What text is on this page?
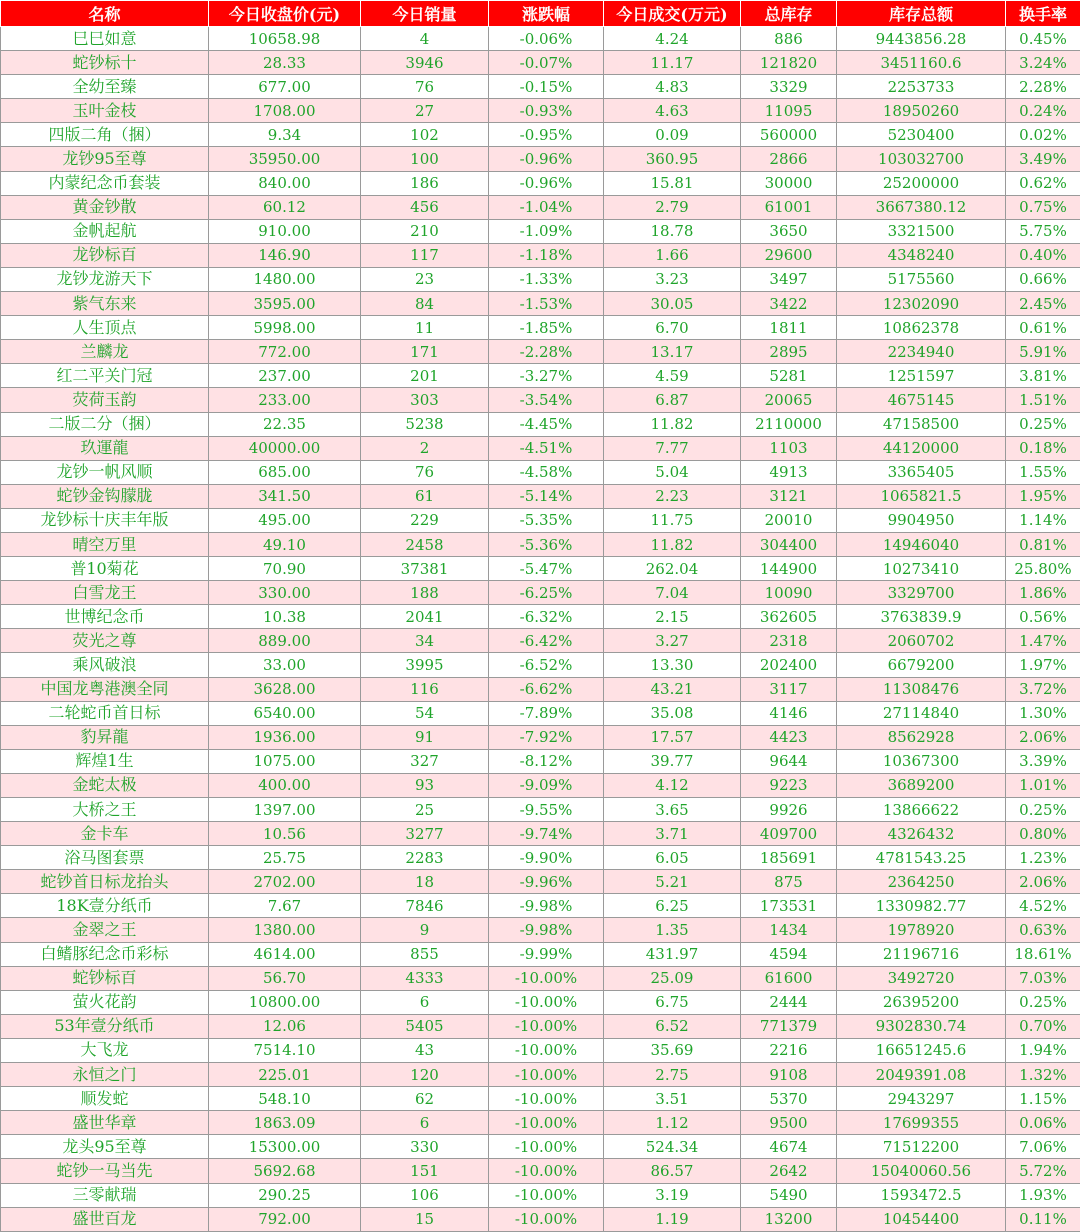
名称	今日收盘价(元)	今日销量	涨跌幅	今日成交(万元)	总库存	库存总额	换手率
巳巳如意	10658.98	4	-0.06%	4.24	886	9443856.28	0.45%
蛇钞标十	28.33	3946	-0.07%	11.17	121820	3451160.6	3.24%
全幼至臻	677.00	76	-0.15%	4.83	3329	2253733	2.28%
玉叶金枝	1708.00	27	-0.93%	4.63	11095	18950260	0.24%
四版二角（捆）	9.34	102	-0.95%	0.09	560000	5230400	0.02%
龙钞95至尊	35950.00	100	-0.96%	360.95	2866	103032700	3.49%
内蒙纪念币套装	840.00	186	-0.96%	15.81	30000	25200000	0.62%
黄金钞散	60.12	456	-1.04%	2.79	61001	3667380.12	0.75%
金帆起航	910.00	210	-1.09%	18.78	3650	3321500	5.75%
龙钞标百	146.90	117	-1.18%	1.66	29600	4348240	0.40%
龙钞龙游天下	1480.00	23	-1.33%	3.23	3497	5175560	0.66%
紫气东来	3595.00	84	-1.53%	30.05	3422	12302090	2.45%
人生顶点	5998.00	11	-1.85%	6.70	1811	10862378	0.61%
兰麟龙	772.00	171	-2.28%	13.17	2895	2234940	5.91%
红二平关门冠	237.00	201	-3.27%	4.59	5281	1251597	3.81%
荧荷玉韵	233.00	303	-3.54%	6.87	20065	4675145	1.51%
二版二分（捆）	22.35	5238	-4.45%	11.82	2110000	47158500	0.25%
玖運龍	40000.00	2	-4.51%	7.77	1103	44120000	0.18%
龙钞一帆风顺	685.00	76	-4.58%	5.04	4913	3365405	1.55%
蛇钞金钩朦胧	341.50	61	-5.14%	2.23	3121	1065821.5	1.95%
龙钞标十庆丰年版	495.00	229	-5.35%	11.75	20010	9904950	1.14%
晴空万里	49.10	2458	-5.36%	11.82	304400	14946040	0.81%
普10菊花	70.90	37381	-5.47%	262.04	144900	10273410	25.80%
白雪龙王	330.00	188	-6.25%	7.04	10090	3329700	1.86%
世博纪念币	10.38	2041	-6.32%	2.15	362605	3763839.9	0.56%
荧光之尊	889.00	34	-6.42%	3.27	2318	2060702	1.47%
乘风破浪	33.00	3995	-6.52%	13.30	202400	6679200	1.97%
中国龙粤港澳全同	3628.00	116	-6.62%	43.21	3117	11308476	3.72%
二轮蛇币首日标	6540.00	54	-7.89%	35.08	4146	27114840	1.30%
豹昇龍	1936.00	91	-7.92%	17.57	4423	8562928	2.06%
辉煌1生	1075.00	327	-8.12%	39.77	9644	10367300	3.39%
金蛇太极	400.00	93	-9.09%	4.12	9223	3689200	1.01%
大桥之王	1397.00	25	-9.55%	3.65	9926	13866622	0.25%
金卡车	10.56	3277	-9.74%	3.71	409700	4326432	0.80%
浴马图套票	25.75	2283	-9.90%	6.05	185691	4781543.25	1.23%
蛇钞首日标龙抬头	2702.00	18	-9.96%	5.21	875	2364250	2.06%
18K壹分纸币	7.67	7846	-9.98%	6.25	173531	1330982.77	4.52%
金翠之王	1380.00	9	-9.98%	1.35	1434	1978920	0.63%
白鳍豚纪念币彩标	4614.00	855	-9.99%	431.97	4594	21196716	18.61%
蛇钞标百	56.70	4333	-10.00%	25.09	61600	3492720	7.03%
萤火花韵	10800.00	6	-10.00%	6.75	2444	26395200	0.25%
53年壹分纸币	12.06	5405	-10.00%	6.52	771379	9302830.74	0.70%
大飞龙	7514.10	43	-10.00%	35.69	2216	16651245.6	1.94%
永恒之门	225.01	120	-10.00%	2.75	9108	2049391.08	1.32%
顺发蛇	548.10	62	-10.00%	3.51	5370	2943297	1.15%
盛世华章	1863.09	6	-10.00%	1.12	9500	17699355	0.06%
龙头95至尊	15300.00	330	-10.00%	524.34	4674	71512200	7.06%
蛇钞一马当先	5692.68	151	-10.00%	86.57	2642	15040060.56	5.72%
三零献瑞	290.25	106	-10.00%	3.19	5490	1593472.5	1.93%
盛世百龙	792.00	15	-10.00%	1.19	13200	10454400	0.11%
